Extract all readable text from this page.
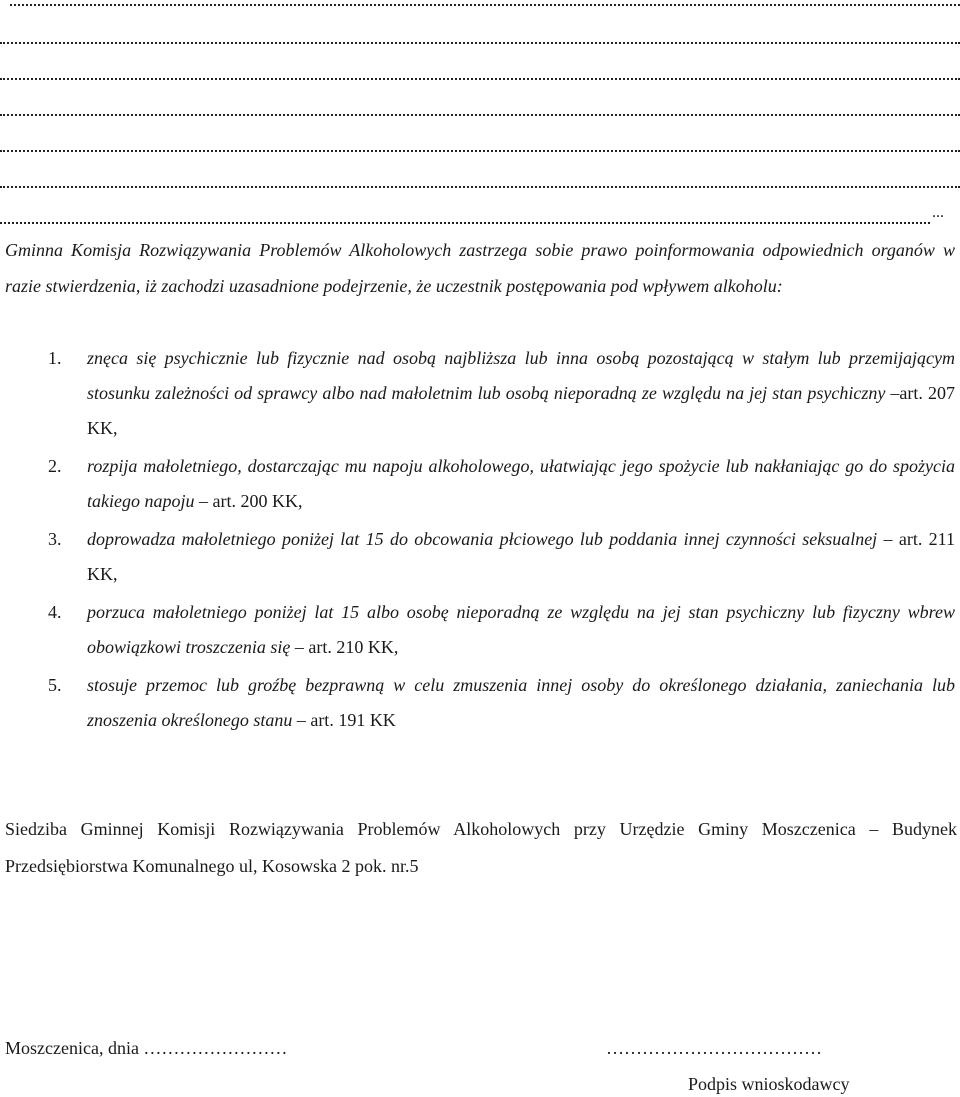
...
Gminna Komisja Rozwiązywania Problemów Alkoholowych zastrzega sobie prawo poinformowania odpowiednich organów w razie stwierdzenia, iż zachodzi uzasadnione podejrzenie, że uczestnik postępowania pod wpływem alkoholu:
1. znęca się psychicznie lub fizycznie nad osobą najbliższa lub inna osobą pozostającą w stałym lub przemijającym stosunku zależności od sprawcy albo nad małoletnim lub osobą nieporadną ze względu na jej stan psychiczny –art. 207 KK,
2. rozpija małoletniego, dostarczając mu napoju alkoholowego, ułatwiając jego spożycie lub nakłaniając go do spożycia takiego napoju – art. 200 KK,
3. doprowadza małoletniego poniżej lat 15 do obcowania płciowego lub poddania innej czynności seksualnej – art. 211 KK,
4. porzuca małoletniego poniżej lat 15 albo osobę nieporadną ze względu na jej stan psychiczny lub fizyczny wbrew obowiązkowi troszczenia się – art. 210 KK,
5. stosuje przemoc lub groźbę bezprawną w celu zmuszenia innej osoby do określonego działania, zaniechania lub znoszenia określonego stanu – art. 191 KK
Siedziba Gminnej Komisji Rozwiązywania Problemów Alkoholowych przy Urzędzie Gminy Moszczenica – Budynek Przedsiębiorstwa Komunalnego ul, Kosowska 2 pok. nr.5
Moszczenica, dnia ……………………	………………………………
Podpis wnioskodawcy
